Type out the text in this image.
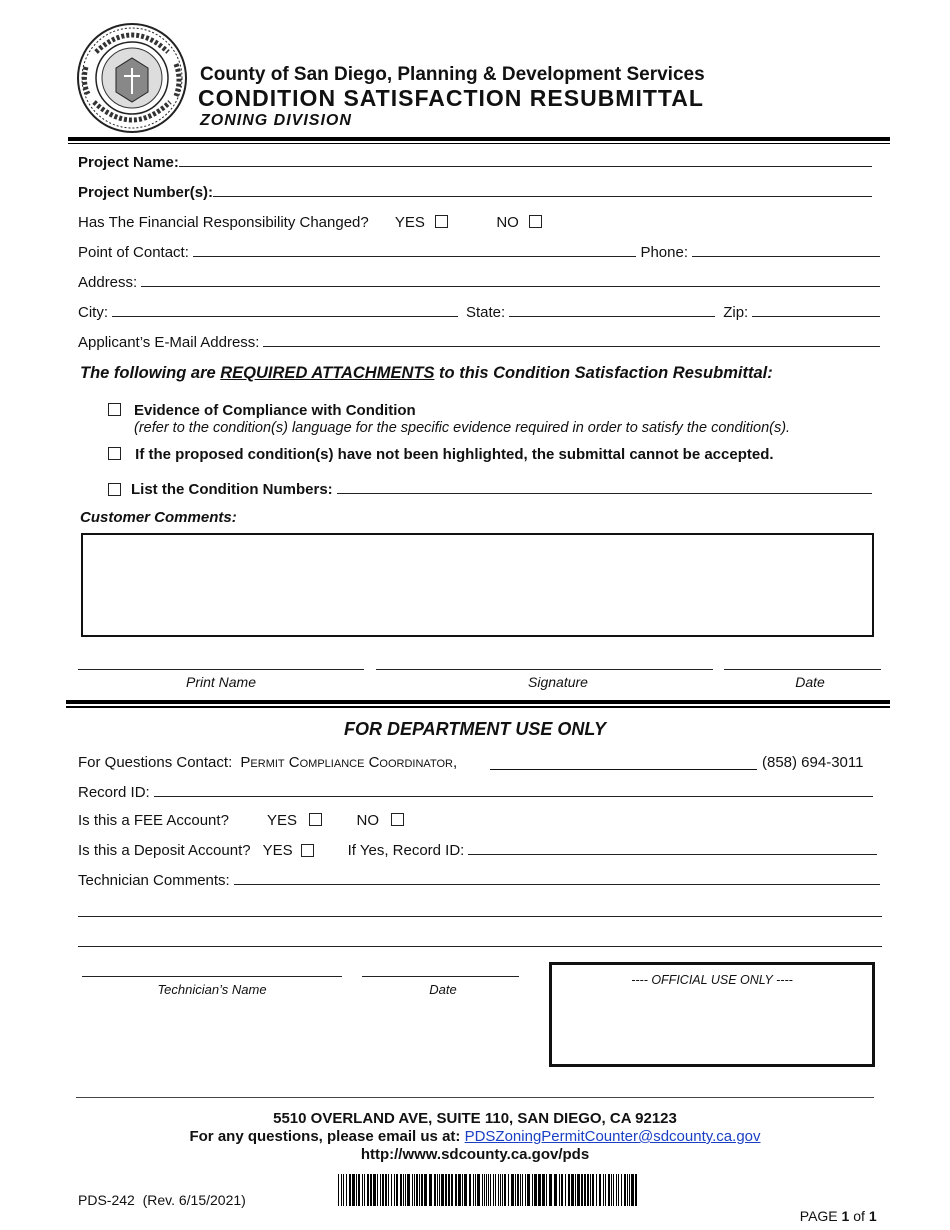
County of San Diego, Planning & Development Services
CONDITION SATISFACTION RESUBMITTAL
ZONING DIVISION
Project Name:
Project Number(s):
Has The Financial Responsibility Changed? YES	NO
Point of Contact:	Phone:
Address:
City:	State:	Zip:
Applicant’s E-Mail Address:
The following are REQUIRED ATTACHMENTS to this Condition Satisfaction Resubmittal:
Evidence of Compliance with Condition
(refer to the condition(s) language for the specific evidence required in order to satisfy the condition(s).
If the proposed condition(s) have not been highlighted, the submittal cannot be accepted.
List the Condition Numbers:
Customer Comments:
Print Name	Signature	Date
FOR DEPARTMENT USE ONLY
For Questions Contact: Permit Compliance Coordinator,	(858) 694-3011
Record ID:
Is this a FEE Account?	YES	NO
Is this a Deposit Account? YES	If Yes, Record ID:
Technician Comments:
Technician’s Name	Date
---- OFFICIAL USE ONLY ----
5510 OVERLAND AVE, SUITE 110, SAN DIEGO, CA 92123
For any questions, please email us at: PDSZoningPermitCounter@sdcounty.ca.gov
http://www.sdcounty.ca.gov/pds
PDS-242  (Rev. 6/15/2021)

PAGE 1 of 1
